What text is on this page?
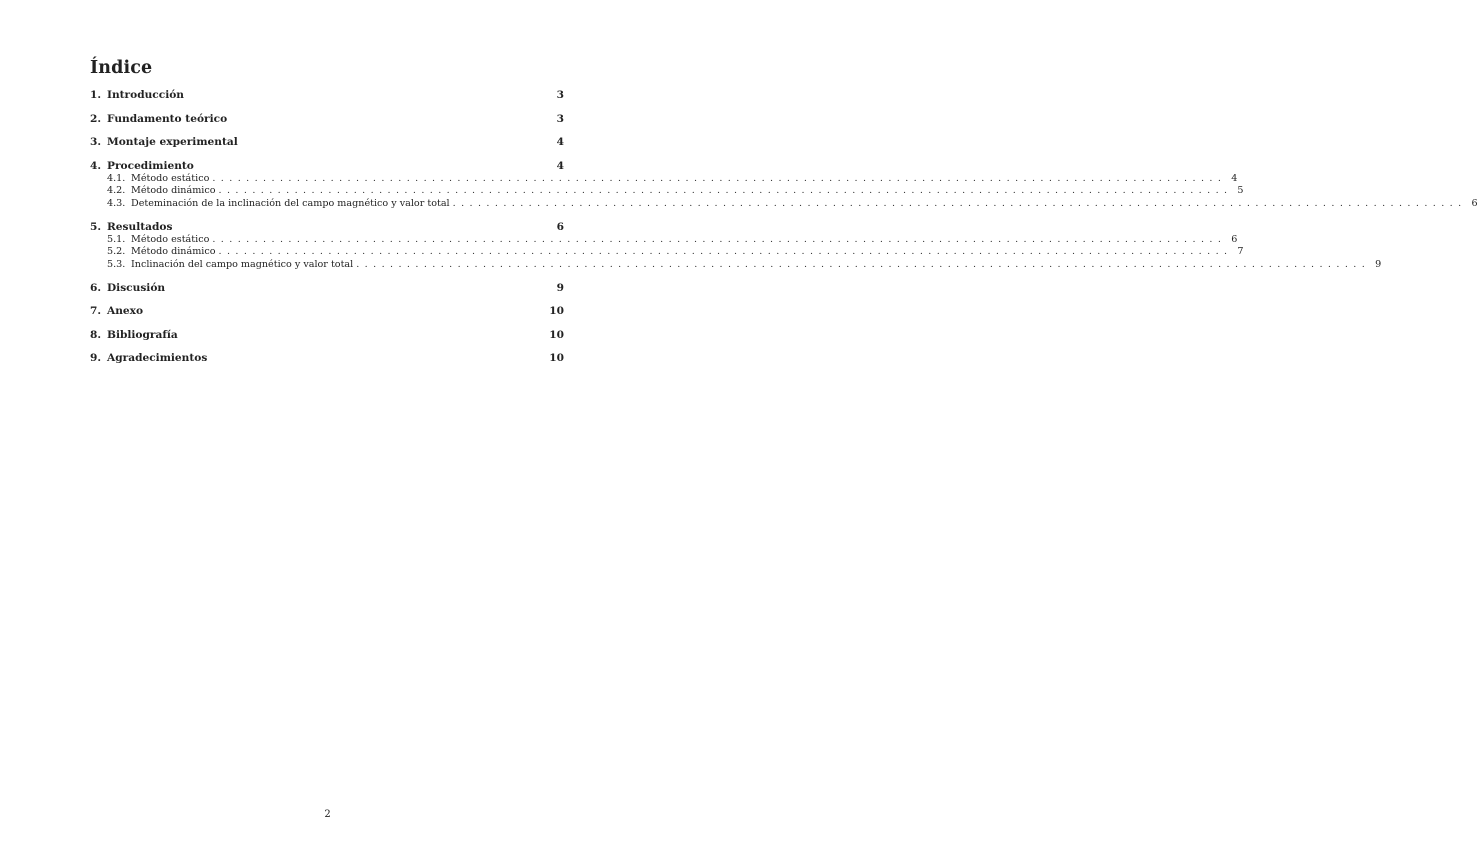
Índice
1. Introducción	3
2. Fundamento teórico	3
3. Montaje experimental	4
4. Procedimiento	4
4.1. Método estático ........................................................................................................................ 4
4.2. Método dinámico ........................................................................................................................ 5
4.3. Deteminación de la inclinación del campo magnético y valor total ........................................................................................................................ 6
5. Resultados	6
5.1. Método estático ........................................................................................................................ 6
5.2. Método dinámico ........................................................................................................................ 7
5.3. Inclinación del campo magnético y valor total ........................................................................................................................ 9
6. Discusión	9
7. Anexo	10
8. Bibliografía	10
9. Agradecimientos	10
2
